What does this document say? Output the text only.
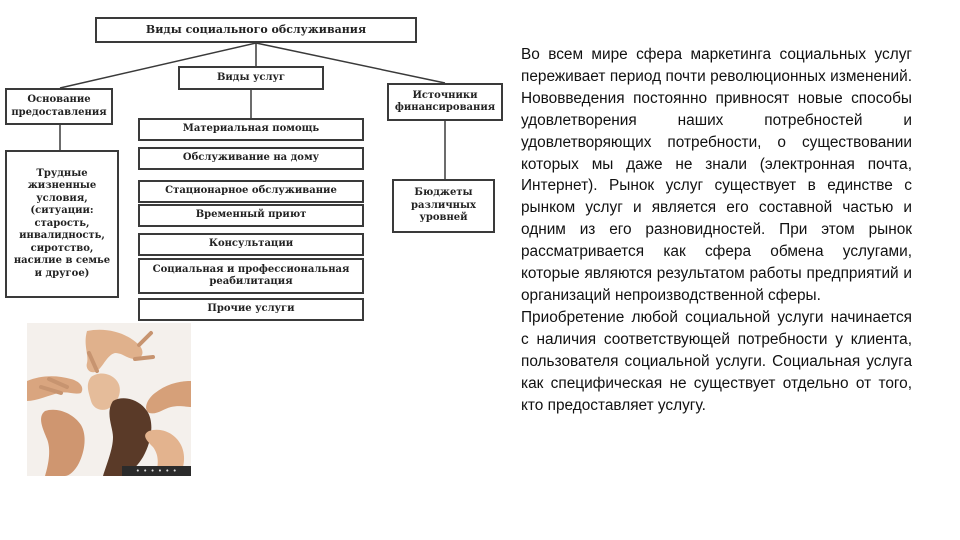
Виды социального обслуживания
Виды услуг
Основание предоставления
Источники финансирования
Трудные жизненные условия, (ситуации: старость, инвалидность, сиротство, насилие в семье и другое)
Бюджеты различных уровней
Материальная помощь
Обслуживание на дому
Стационарное обслуживание
Временный приют
Консультации
Социальная и профессиональная реабилитация
Прочие услуги
• • • • • •

Во всем мире сфера маркетинга социальных услуг переживает период почти революционных изменений. Нововведения постоянно привносят новые способы удовлетворения наших потребностей и удовлетворяющих потребности, о существовании которых мы даже не знали (электронная почта, Интернет). Рынок услуг существует в единстве с рынком услуг и является его составной частью и одним из его разновидностей. При этом рынок рассматривается как сфера обмена услугами, которые являются результатом работы предприятий и организаций непроизводственной сферы.

Приобретение любой социальной услуги начинается с наличия соответствующей потребности у клиента, пользователя социальной услуги. Социальная услуга как специфическая не существует отдельно от того, кто предоставляет услугу.
